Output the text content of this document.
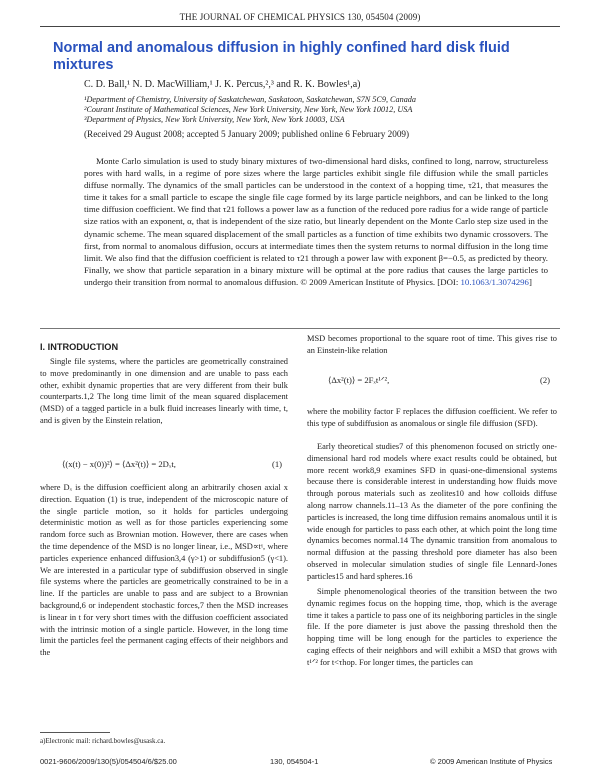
THE JOURNAL OF CHEMICAL PHYSICS 130, 054504 (2009)
Normal and anomalous diffusion in highly confined hard disk fluid mixtures
C. D. Ball,¹ N. D. MacWilliam,¹ J. K. Percus,²,³ and R. K. Bowles¹,a)
¹Department of Chemistry, University of Saskatchewan, Saskatoon, Saskatchewan, S7N 5C9, Canada
²Courant Institute of Mathematical Sciences, New York University, New York, New York 10012, USA
³Department of Physics, New York University, New York, New York 10003, USA
(Received 29 August 2008; accepted 5 January 2009; published online 6 February 2009)
Monte Carlo simulation is used to study binary mixtures of two-dimensional hard disks, confined to long, narrow, structureless pores with hard walls, in a regime of pore sizes where the large particles exhibit single file diffusion while the small particles diffuse normally. The dynamics of the small particles can be understood in the context of a hopping time, τ21, that measures the time it takes for a small particle to escape the single file cage formed by its large particle neighbors, and can be linked to the long time diffusion coefficient. We find that τ21 follows a power law as a function of the reduced pore radius for a wide range of particle size ratios with an exponent, α, that is independent of the size ratio, but linearly dependent on the Monte Carlo step size used in the dynamic scheme. The mean squared displacement of the small particles as a function of time exhibits two dynamic crossovers. The first, from normal to anomalous diffusion, occurs at intermediate times then the system returns to normal diffusion in the long time limit. We also find that the diffusion coefficient is related to τ21 through a power law with exponent β=−0.5, as predicted by theory. Finally, we show that particle separation in a binary mixture will be optimal at the pore radius that causes the large particles to undergo their transition from normal to anomalous diffusion. © 2009 American Institute of Physics. [DOI: 10.1063/1.3074296]
I. INTRODUCTION
Single file systems, where the particles are geometrically constrained to move predominantly in one dimension and are unable to pass each other, exhibit dynamic properties that are very different from their bulk counterparts.1,2 The long time limit of the mean squared displacement (MSD) of a tagged particle in a bulk fluid increases linearly with time, t, and is given by the Einstein relation,
⟨(x(t) − x(0))²⟩ = ⟨Δx²(t)⟩ = 2Dₓt,	(1)
where Dₓ is the diffusion coefficient along an arbitrarily chosen axial x direction. Equation (1) is true, independent of the microscopic nature of the single particle motion, so it holds for particles undergoing deterministic motion as well as for those particles experiencing some random force such as Brownian motion. However, there are cases when the time dependence of the MSD is no longer linear, i.e., MSD∝tᵞ, where particles experience enhanced diffusion3,4 (γ>1) or subdiffusion5 (γ<1). We are interested in a particular type of subdiffusion observed in single file systems where the particles are geometrically constrained to be in a line. If the particles are unable to pass and are subject to a Brownian background,6 or independent stochastic forces,7 then the MSD increases is linear in t for very short times with the diffusion coefficient associated with the intrinsic motion of a single particle. However, in the long time limit the particles feel the permanent caging effects of their neighbors and the
MSD becomes proportional to the square root of time. This gives rise to an Einstein-like relation
⟨Δx²(t)⟩ = 2Fₓt¹ᐟ²,	(2)
where the mobility factor F replaces the diffusion coefficient. We refer to this type of subdiffusion as anomalous or single file diffusion (SFD).
Early theoretical studies7 of this phenomenon focused on strictly one-dimensional hard rod models where exact results could be obtained, but more recent work8,9 examines SFD in quasi-one-dimensional systems because there is considerable interest in understanding how fluids move through porous materials such as zeolites10 and how colloids diffuse along narrow channels.11–13 As the diameter of the pore confining the particles is increased, the long time diffusion remains anomalous until it is wide enough for particles to pass each other, at which point the long time dynamics becomes normal.14 The dynamic transition from anomalous to normal diffusion at the passing threshold pore diameter has also been observed in molecular simulation studies of single file Lennard-Jones particles15 and hard spheres.16
Simple phenomenological theories of the transition between the two dynamic regimes focus on the hopping time, τhop, which is the average time it takes a particle to pass one of its neighboring particles in the single file. If the pore diameter is just above the passing threshold then the hopping time will be long enough for the particles to experience the caging effects of their neighbors and will exhibit a MSD that grows with t¹ᐟ² for t<τhop. For longer times, the particles can
a)Electronic mail: richard.bowles@usask.ca.
0021-9606/2009/130(5)/054504/6/$25.00	130, 054504-1	© 2009 American Institute of Physics
